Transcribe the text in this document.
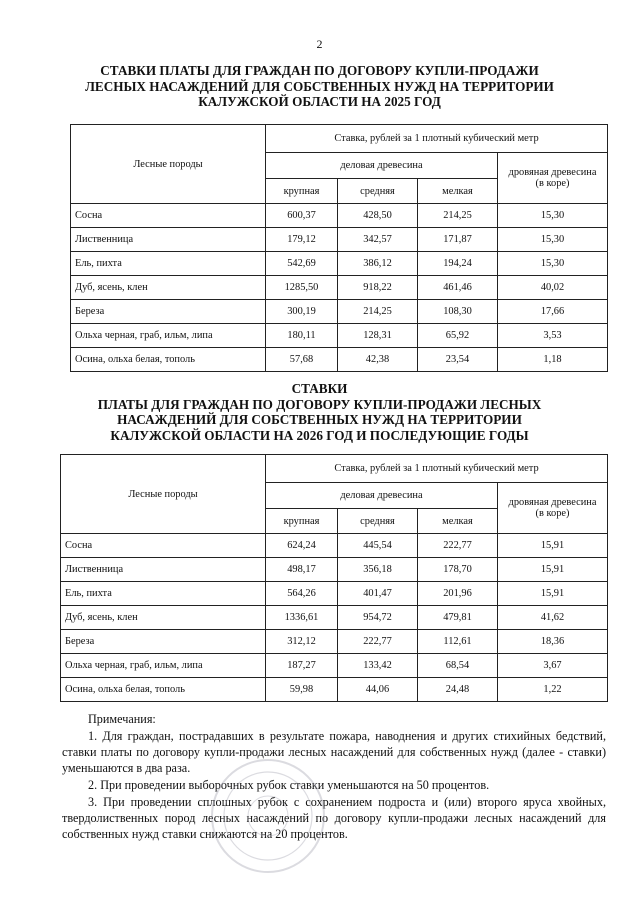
2
СТАВКИ ПЛАТЫ ДЛЯ ГРАЖДАН ПО ДОГОВОРУ КУПЛИ-ПРОДАЖИ
ЛЕСНЫХ НАСАЖДЕНИЙ ДЛЯ СОБСТВЕННЫХ НУЖД НА ТЕРРИТОРИИ
КАЛУЖСКОЙ ОБЛАСТИ НА 2025 ГОД
Лесные породы	Ставка, рублей за 1 плотный кубический метр			
	деловая древесина			дровяная древесина
(в коре)
	крупная	средняя	мелкая	
Сосна	600,37	428,50	214,25	15,30
Лиственница	179,12	342,57	171,87	15,30
Ель, пихта	542,69	386,12	194,24	15,30
Дуб, ясень, клен	1285,50	918,22	461,46	40,02
Береза	300,19	214,25	108,30	17,66
Ольха черная, граб, ильм, липа	180,11	128,31	65,92	3,53
Осина, ольха белая, тополь	57,68	42,38	23,54	1,18
СТАВКИ
ПЛАТЫ ДЛЯ ГРАЖДАН ПО ДОГОВОРУ КУПЛИ-ПРОДАЖИ ЛЕСНЫХ
НАСАЖДЕНИЙ ДЛЯ СОБСТВЕННЫХ НУЖД НА ТЕРРИТОРИИ
КАЛУЖСКОЙ ОБЛАСТИ НА 2026 ГОД И ПОСЛЕДУЮЩИЕ ГОДЫ
Лесные породы	Ставка, рублей за 1 плотный кубический метр			
	деловая древесина			дровяная древесина
(в коре)
	крупная	средняя	мелкая	
Сосна	624,24	445,54	222,77	15,91
Лиственница	498,17	356,18	178,70	15,91
Ель, пихта	564,26	401,47	201,96	15,91
Дуб, ясень, клен	1336,61	954,72	479,81	41,62
Береза	312,12	222,77	112,61	18,36
Ольха черная, граб, ильм, липа	187,27	133,42	68,54	3,67
Осина, ольха белая, тополь	59,98	44,06	24,48	1,22
Примечания:
1. Для граждан, пострадавших в результате пожара, наводнения и других стихийных бедствий, ставки платы по договору купли-продажи лесных насаждений для собственных нужд (далее - ставки) уменьшаются в два раза.
2. При проведении выборочных рубок ставки уменьшаются на 50 процентов.
3. При проведении сплошных рубок с сохранением подроста и (или) второго яруса хвойных, твердолиственных пород лесных насаждений по договору купли-продажи лесных насаждений для собственных нужд ставки снижаются на 20 процентов.
